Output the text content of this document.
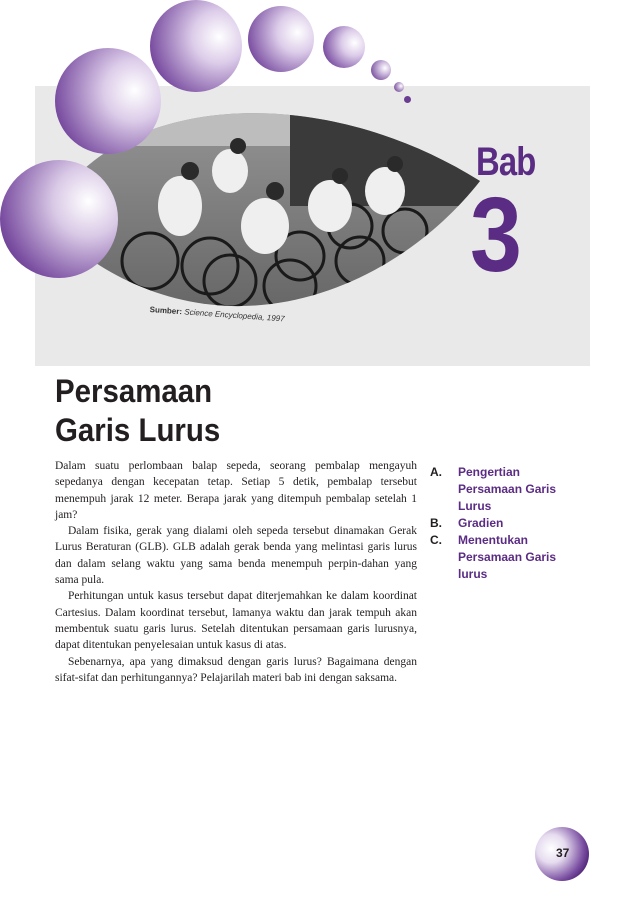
Sumber: Science Encyclopedia, 1997
Bab
3
Persamaan
Garis Lurus

Dalam suatu perlombaan balap sepeda, seorang pembalap mengayuh sepedanya dengan kecepatan tetap. Setiap 5 detik, pembalap tersebut menempuh jarak 12 meter. Berapa jarak yang ditempuh pembalap setelah 1 jam?

Dalam fisika, gerak yang dialami oleh sepeda tersebut dinamakan Gerak Lurus Beraturan (GLB). GLB adalah gerak benda yang melintasi garis lurus dan dalam selang waktu yang sama benda menempuh perpin-dahan yang sama pula.

Perhitungan untuk kasus tersebut dapat diterjemahkan ke dalam koordinat Cartesius. Dalam koordinat tersebut, lamanya waktu dan jarak tempuh akan membentuk suatu garis lurus. Setelah ditentukan persamaan garis lurusnya, dapat ditentukan penyelesaian untuk kasus di atas.

Sebenarnya, apa yang dimaksud dengan garis lurus? Bagaimana dengan sifat-sifat dan perhitungannya? Pelajarilah materi bab ini dengan saksama.

A.	Pengertian Persamaan Garis Lurus
B.	Gradien
C.	Menentukan Persamaan Garis lurus
37
